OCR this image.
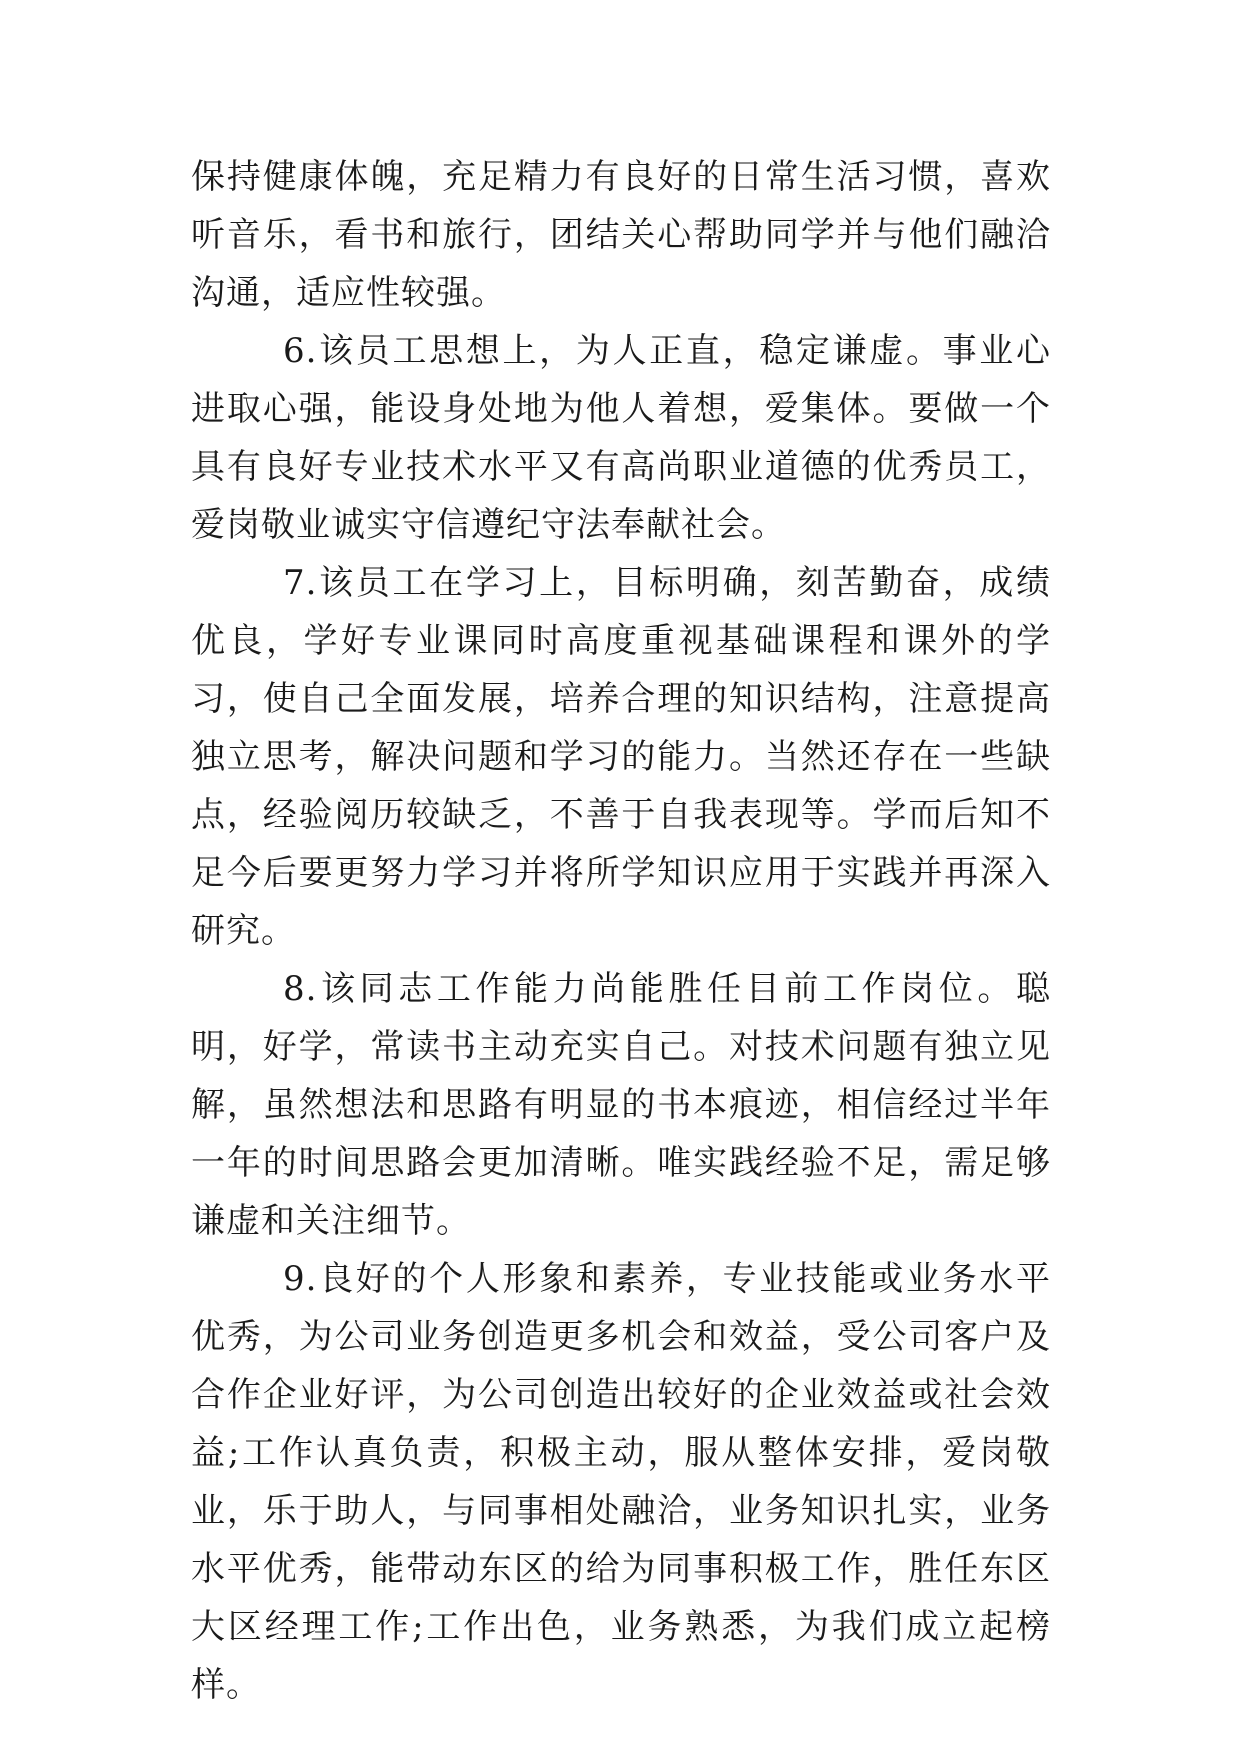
保持健康体魄，充足精力有良好的日常生活习惯，喜欢听音乐，看书和旅行，团结关心帮助同学并与他们融洽沟通，适应性较强。

6.该员工思想上，为人正直，稳定谦虚。事业心进取心强，能设身处地为他人着想，爱集体。要做一个具有良好专业技术水平又有高尚职业道德的优秀员工，爱岗敬业诚实守信遵纪守法奉献社会。

7.该员工在学习上，目标明确，刻苦勤奋，成绩优良，学好专业课同时高度重视基础课程和课外的学习，使自己全面发展，培养合理的知识结构，注意提高独立思考，解决问题和学习的能力。当然还存在一些缺点，经验阅历较缺乏，不善于自我表现等。学而后知不足今后要更努力学习并将所学知识应用于实践并再深入研究。

8.该同志工作能力尚能胜任目前工作岗位。聪明，好学，常读书主动充实自己。对技术问题有独立见解，虽然想法和思路有明显的书本痕迹，相信经过半年一年的时间思路会更加清晰。唯实践经验不足，需足够谦虚和关注细节。

9.良好的个人形象和素养，专业技能或业务水平优秀，为公司业务创造更多机会和效益，受公司客户及合作企业好评，为公司创造出较好的企业效益或社会效益;工作认真负责，积极主动，服从整体安排，爱岗敬业，乐于助人，与同事相处融洽，业务知识扎实，业务水平优秀，能带动东区的给为同事积极工作，胜任东区大区经理工作;工作出色，业务熟悉，为我们成立起榜样。
